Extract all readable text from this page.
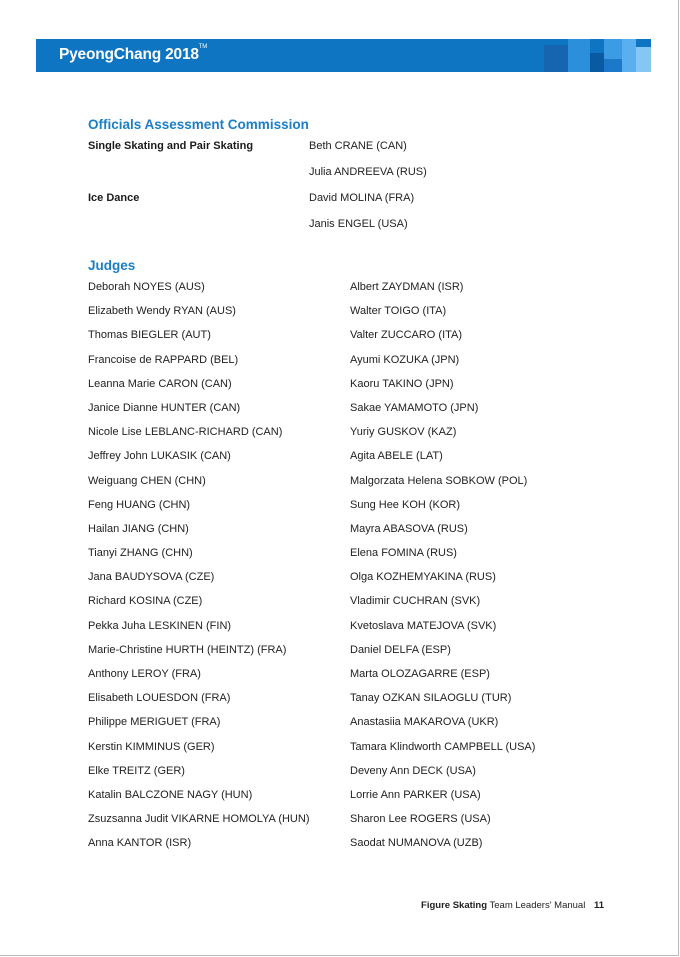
PyeongChang 2018™
Officials Assessment Commission
Single Skating and Pair Skating	Beth CRANE (CAN)
Julia ANDREEVA (RUS)
Ice Dance	David MOLINA (FRA)
Janis ENGEL (USA)
Judges
Deborah NOYES (AUS)
Elizabeth Wendy RYAN (AUS)
Thomas BIEGLER (AUT)
Francoise de RAPPARD (BEL)
Leanna Marie CARON (CAN)
Janice Dianne HUNTER (CAN)
Nicole Lise LEBLANC-RICHARD (CAN)
Jeffrey John LUKASIK (CAN)
Weiguang CHEN (CHN)
Feng HUANG (CHN)
Hailan JIANG (CHN)
Tianyi ZHANG (CHN)
Jana BAUDYSOVA (CZE)
Richard KOSINA (CZE)
Pekka Juha LESKINEN (FIN)
Marie-Christine HURTH (HEINTZ) (FRA)
Anthony LEROY (FRA)
Elisabeth LOUESDON (FRA)
Philippe MERIGUET (FRA)
Kerstin KIMMINUS (GER)
Elke TREITZ (GER)
Katalin BALCZONE NAGY (HUN)
Zsuzsanna Judit VIKARNE HOMOLYA (HUN)
Anna KANTOR (ISR)
Albert ZAYDMAN (ISR)
Walter TOIGO (ITA)
Valter ZUCCARO (ITA)
Ayumi KOZUKA (JPN)
Kaoru TAKINO (JPN)
Sakae YAMAMOTO (JPN)
Yuriy GUSKOV (KAZ)
Agita ABELE (LAT)
Malgorzata Helena SOBKOW (POL)
Sung Hee KOH (KOR)
Mayra ABASOVA (RUS)
Elena FOMINA (RUS)
Olga KOZHEMYAKINA (RUS)
Vladimir CUCHRAN (SVK)
Kvetoslava MATEJOVA (SVK)
Daniel DELFA (ESP)
Marta OLOZAGARRE (ESP)
Tanay OZKAN SILAOGLU (TUR)
Anastasiia MAKAROVA (UKR)
Tamara Klindworth CAMPBELL (USA)
Deveny Ann DECK (USA)
Lorrie Ann PARKER (USA)
Sharon Lee ROGERS (USA)
Saodat NUMANOVA (UZB)
Figure Skating Team Leaders' Manual 11
